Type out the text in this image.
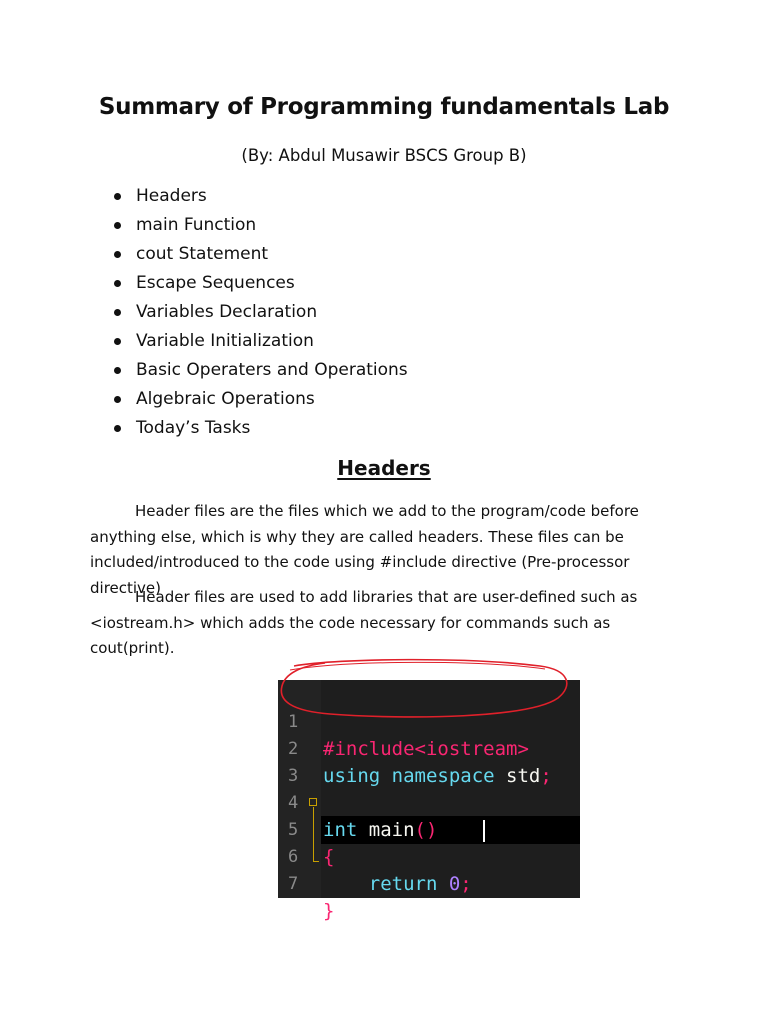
Summary of Programming fundamentals Lab
(By: Abdul Musawir BSCS Group B)
Headers
main Function
cout Statement
Escape Sequences
Variables Declaration
Variable Initialization
Basic Operaters and Operations
Algebraic Operations
Today’s Tasks
Headers

Header files are the files which we add to the program/code before anything else, which is why they are called headers. These files can be included/introduced to the code using #include directive (Pre-processor directive)

Header files are used to add libraries that are user-defined such as <iostream.h> which adds the code necessary for commands such as cout(print).

1

#include<iostream>

2

using namespace std;

3

4

int main()

5

{

6

return 0;

7

}
